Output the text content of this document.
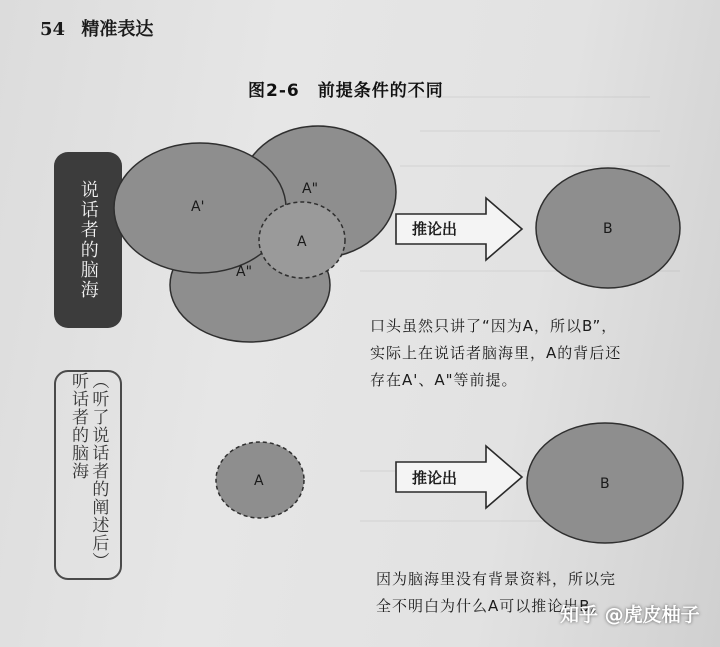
54 精准表达
图2-6　前提条件的不同
说话者的脑海
（听了说话者的阐述后）听话者的脑海
A'
A"
A"
A
推论出	B
A	推论出	B
口头虽然只讲了“因为A，所以B”，
实际上在说话者脑海里，A的背后还
存在A'、A"等前提。
因为脑海里没有背景资料，所以完
全不明白为什么A可以推论出B。
知乎 @虎皮柚子
